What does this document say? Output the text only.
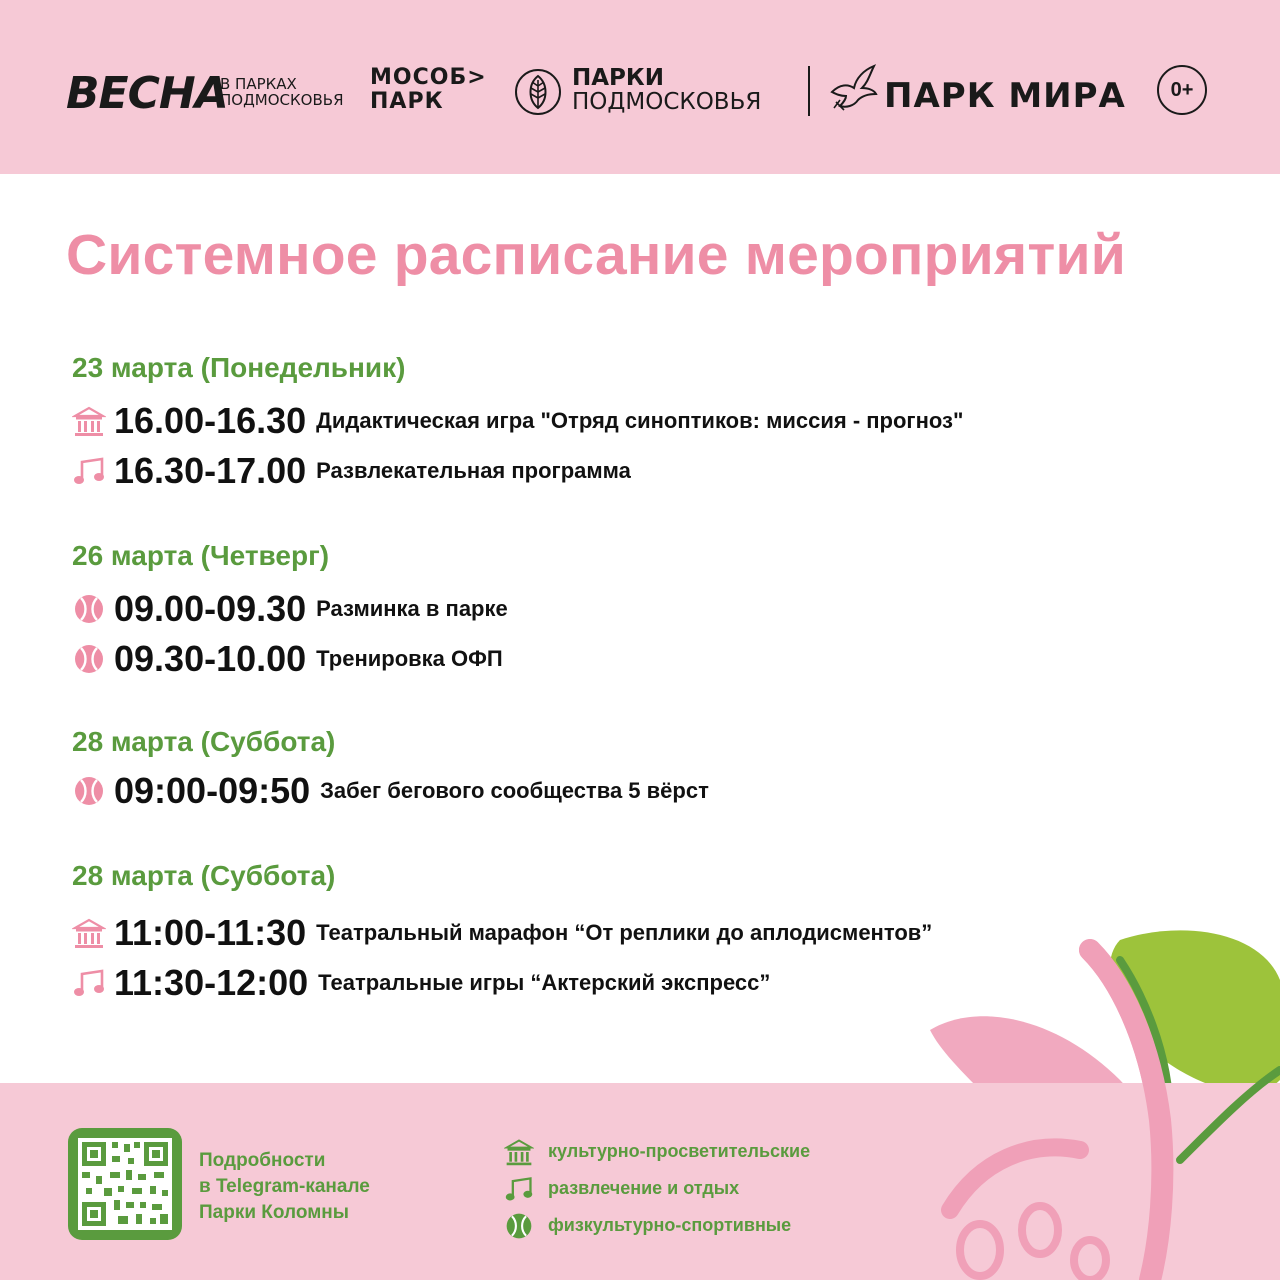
ВЕСНА
В ПАРКАХ
ПОДМОСКОВЬЯ
МОСОБ>
ПАРК
ПАРКИ
ПОДМОСКОВЬЯ	ПАРК МИРА	0+
Системное расписание мероприятий
23 марта (Понедельник)
16.00-16.30 Дидактическая игра "Отряд синоптиков: миссия - прогноз"
16.30-17.00 Развлекательная программа
26 марта (Четверг)
09.00-09.30 Разминка в парке
09.30-10.00 Тренировка ОФП
28 марта (Суббота)
09:00-09:50 Забег бегового сообщества 5 вёрст
28 марта (Суббота)
11:00-11:30 Театральный марафон “От реплики до аплодисментов”
11:30-12:00 Театральные игры “Актерский экспресс”
Подробности
в Telegram-канале
Парки Коломны
культурно-просветительские
развлечение и отдых
физкультурно-спортивные
